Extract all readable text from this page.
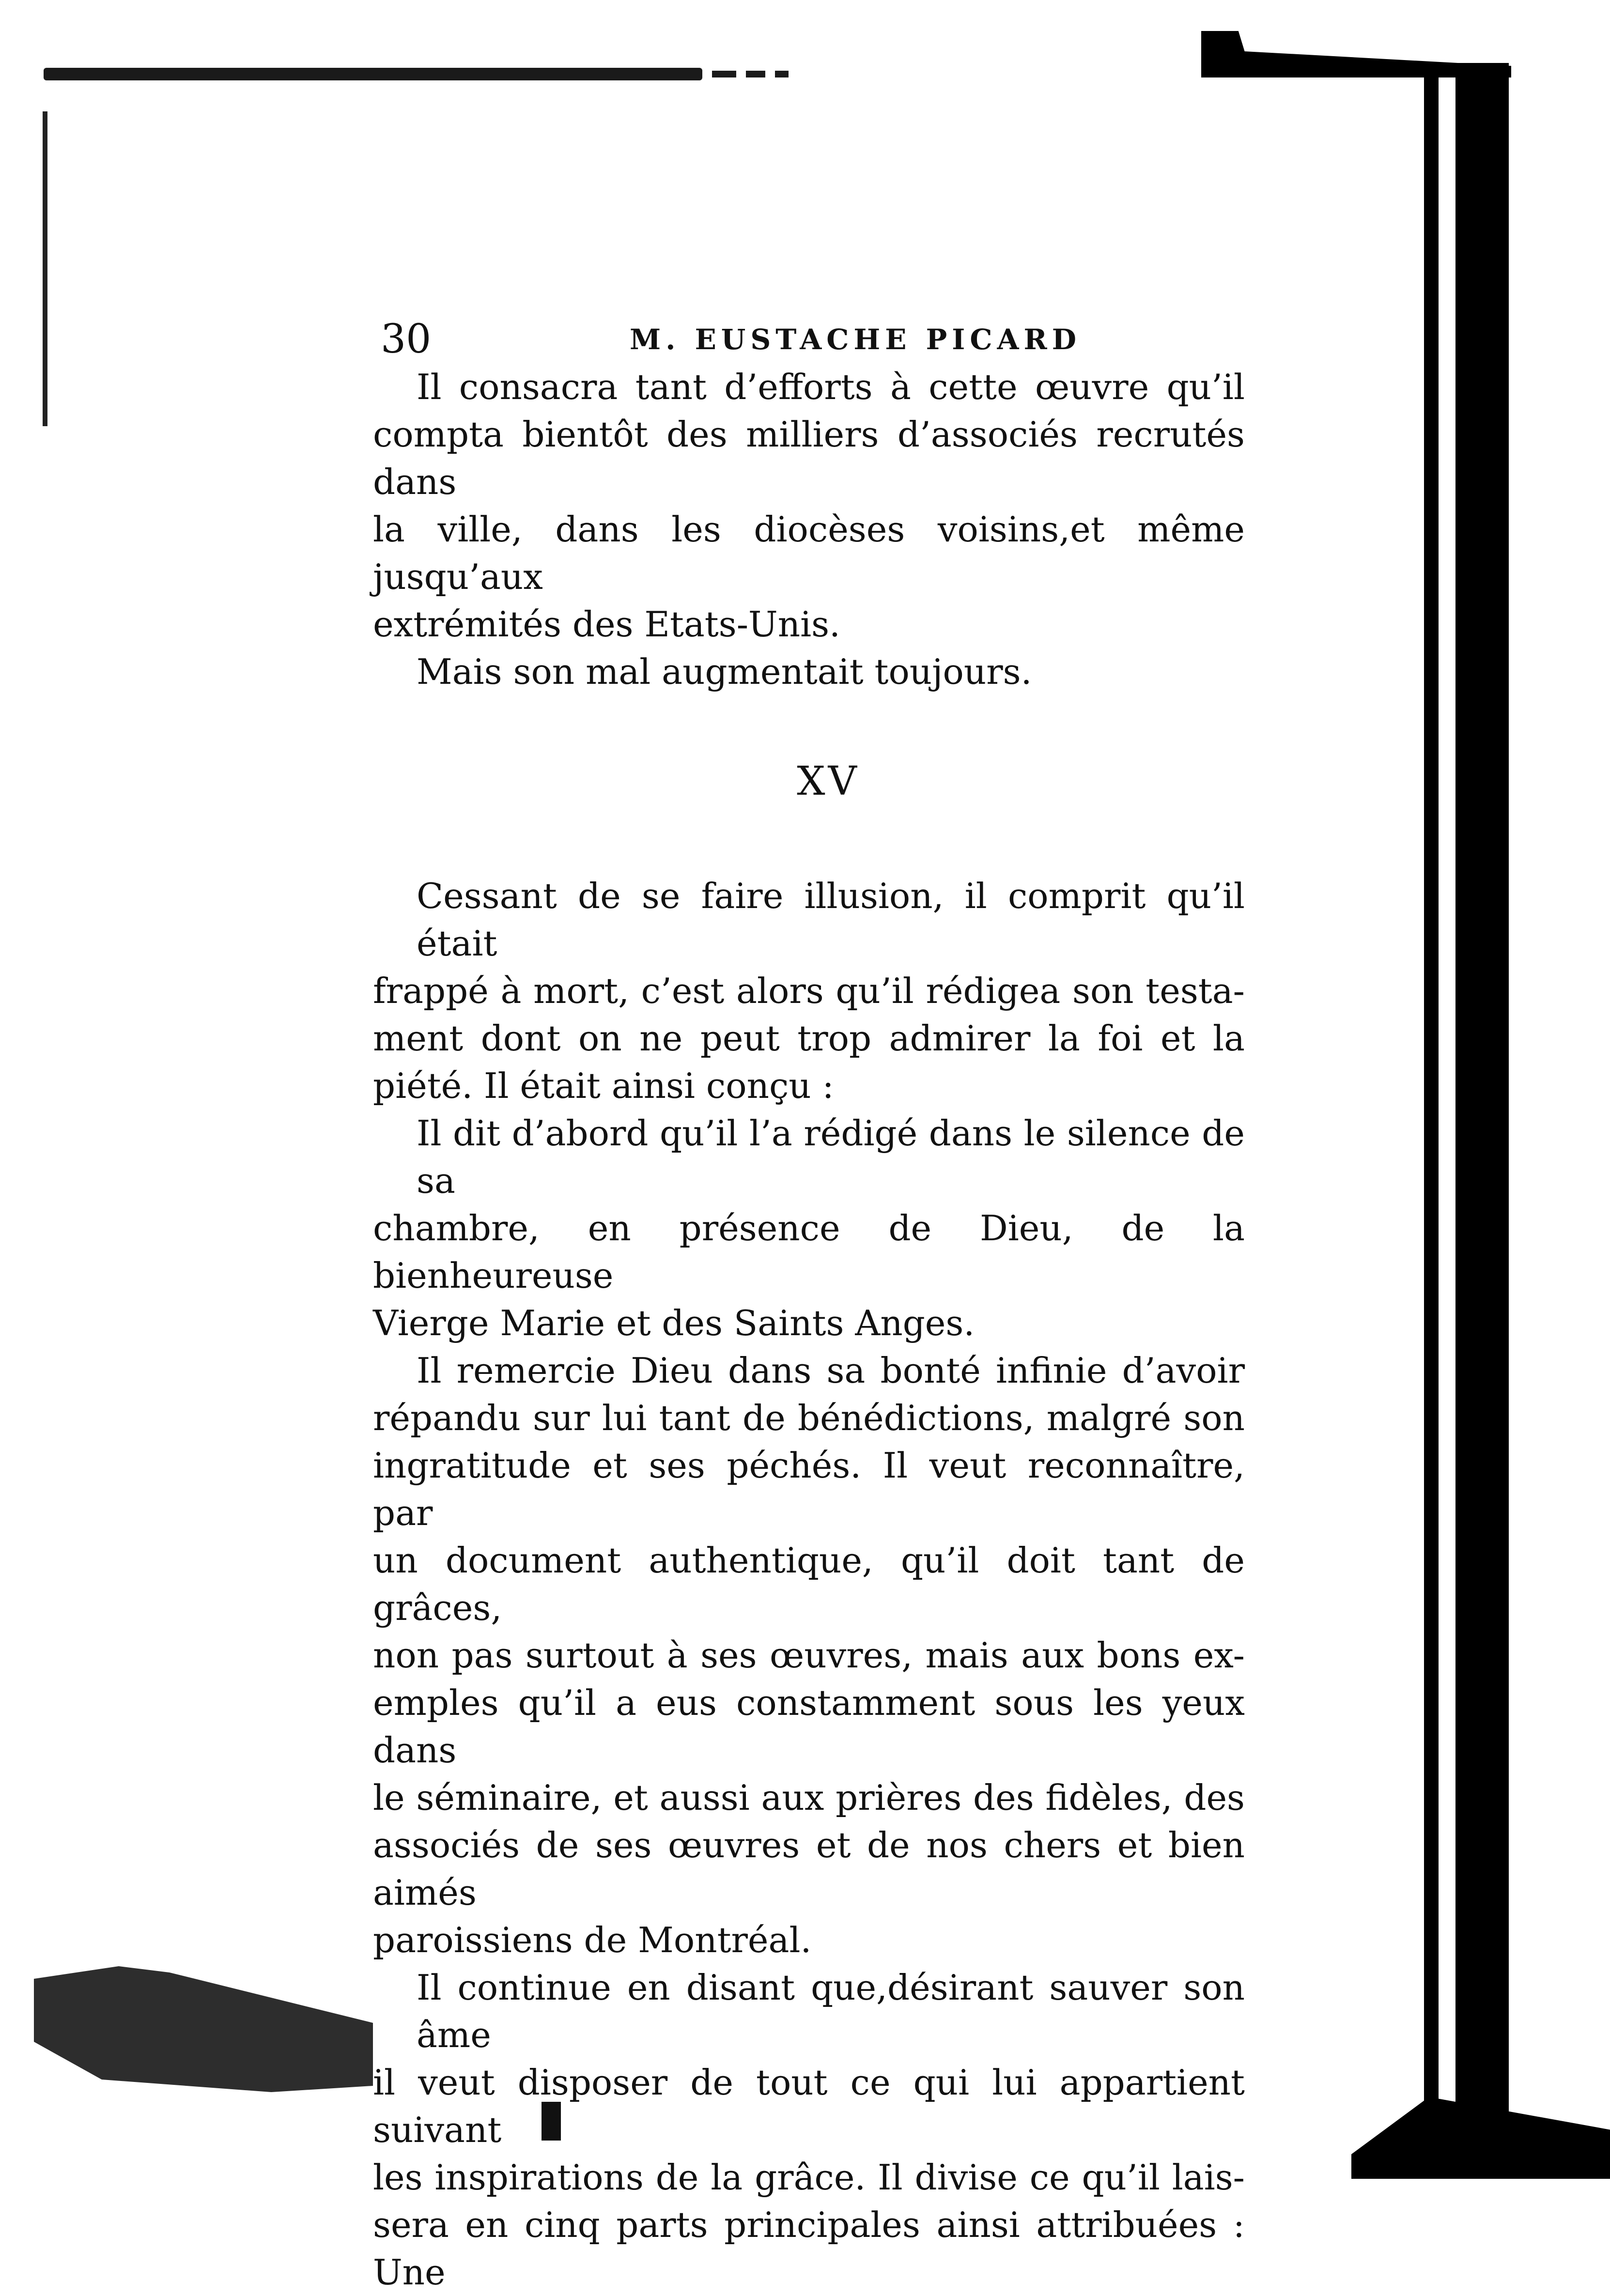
30	M. EUSTACHE PICARD
Il consacra tant d’efforts à cette œuvre qu’il
compta bientôt des milliers d’associés recrutés dans
la ville, dans les diocèses voisins,et même jusqu’aux
extrémités des Etats-Unis.
Mais son mal augmentait toujours.
XV
Cessant de se faire illusion, il comprit qu’il était
frappé à mort, c’est alors qu’il rédigea son testa-
ment dont on ne peut trop admirer la foi et la
piété. Il était ainsi conçu :
Il dit d’abord qu’il l’a rédigé dans le silence de sa
chambre, en présence de Dieu, de la bienheureuse
Vierge Marie et des Saints Anges.
Il remercie Dieu dans sa bonté infinie d’avoir
répandu sur lui tant de bénédictions, malgré son
ingratitude et ses péchés. Il veut reconnaître, par
un document authentique, qu’il doit tant de grâces,
non pas surtout à ses œuvres, mais aux bons ex-
emples qu’il a eus constamment sous les yeux dans
le séminaire, et aussi aux prières des fidèles, des
associés de ses œuvres et de nos chers et bien aimés
paroissiens de Montréal.
Il continue en disant que,désirant sauver son âme
il veut disposer de tout ce qui lui appartient suivant
les inspirations de la grâce. Il divise ce qu’il lais-
sera en cinq parts principales ainsi attribuées : Une
